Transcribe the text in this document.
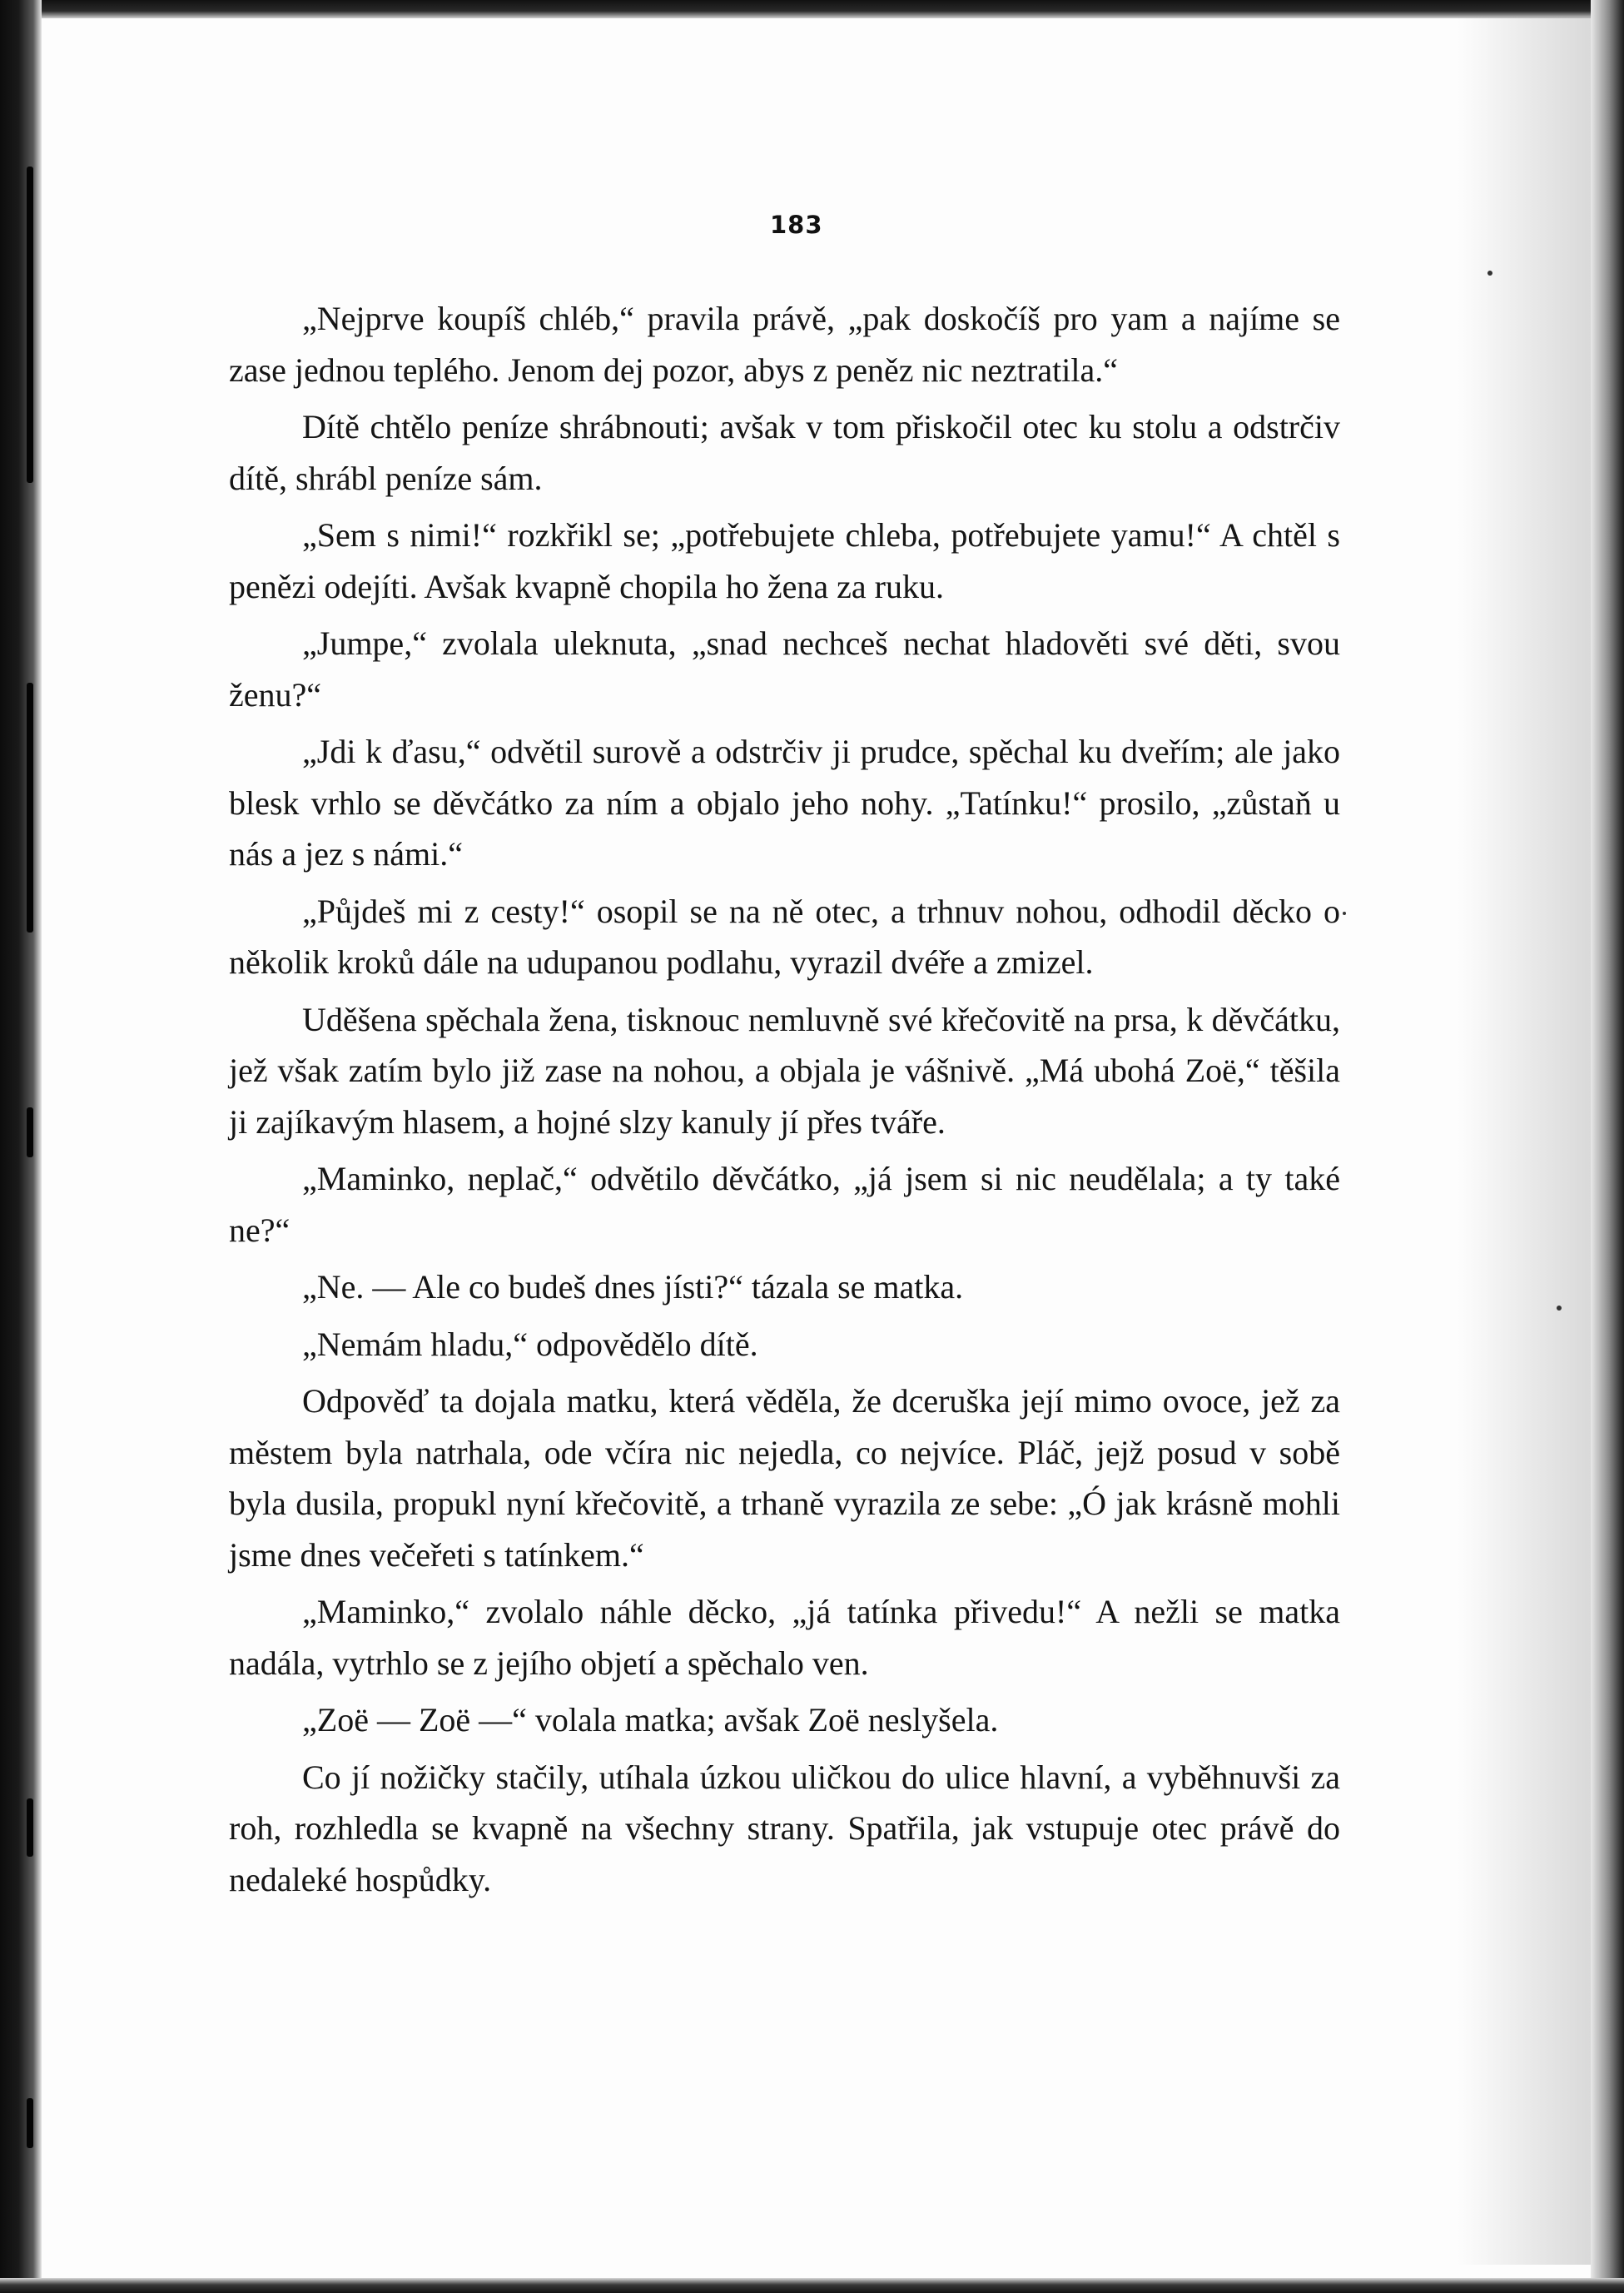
183

„Nejprve koupíš chléb,“ pravila právě, „pak doskočíš pro yam a najíme se zase jednou teplého. Jenom dej pozor, abys z peněz nic neztratila.“

Dítě chtělo peníze shrábnouti; avšak v tom přiskočil otec ku stolu a odstrčiv dítě, shrábl peníze sám.

„Sem s nimi!“ rozkřikl se; „potřebujete chleba, potřebujete yamu!“ A chtěl s penězi odejíti. Avšak kvapně chopila ho žena za ruku.

„Jumpe,“ zvolala uleknuta, „snad nechceš nechat hladověti své děti, svou ženu?“

„Jdi k ďasu,“ odvětil surově a odstrčiv ji prudce, spěchal ku dveřím; ale jako blesk vrhlo se děvčátko za ním a objalo jeho nohy. „Tatínku!“ prosilo, „zůstaň u nás a jez s námi.“

„Půjdeš mi z cesty!“ osopil se na ně otec, a trhnuv nohou, odhodil děcko o několik kroků dále na udupanou podlahu, vyrazil dvéře a zmizel.

Uděšena spěchala žena, tisknouc nemluvně své křečovitě na prsa, k děvčátku, jež však zatím bylo již zase na nohou, a objala je vášnivě. „Má ubohá Zoë,“ těšila ji zajíkavým hlasem, a hojné slzy kanuly jí přes tváře.

„Maminko, neplač,“ odvětilo děvčátko, „já jsem si nic neudělala; a ty také ne?“

„Ne. — Ale co budeš dnes jísti?“ tázala se matka.

„Nemám hladu,“ odpovědělo dítě.

Odpověď ta dojala matku, která věděla, že dceruška její mimo ovoce, jež za městem byla natrhala, ode včíra nic nejedla, co nejvíce. Pláč, jejž posud v sobě byla dusila, propukl nyní křečovitě, a trhaně vyrazila ze sebe: „Ó jak krásně mohli jsme dnes večeřeti s tatínkem.“

„Maminko,“ zvolalo náhle děcko, „já tatínka přivedu!“ A nežli se matka nadála, vytrhlo se z jejího objetí a spěchalo ven.

„Zoë — Zoë —“ volala matka; avšak Zoë neslyšela.

Co jí nožičky stačily, utíhala úzkou uličkou do ulice hlavní, a vyběhnuvši za roh, rozhledla se kvapně na všechny strany. Spatřila, jak vstupuje otec právě do nedaleké hospůdky.
